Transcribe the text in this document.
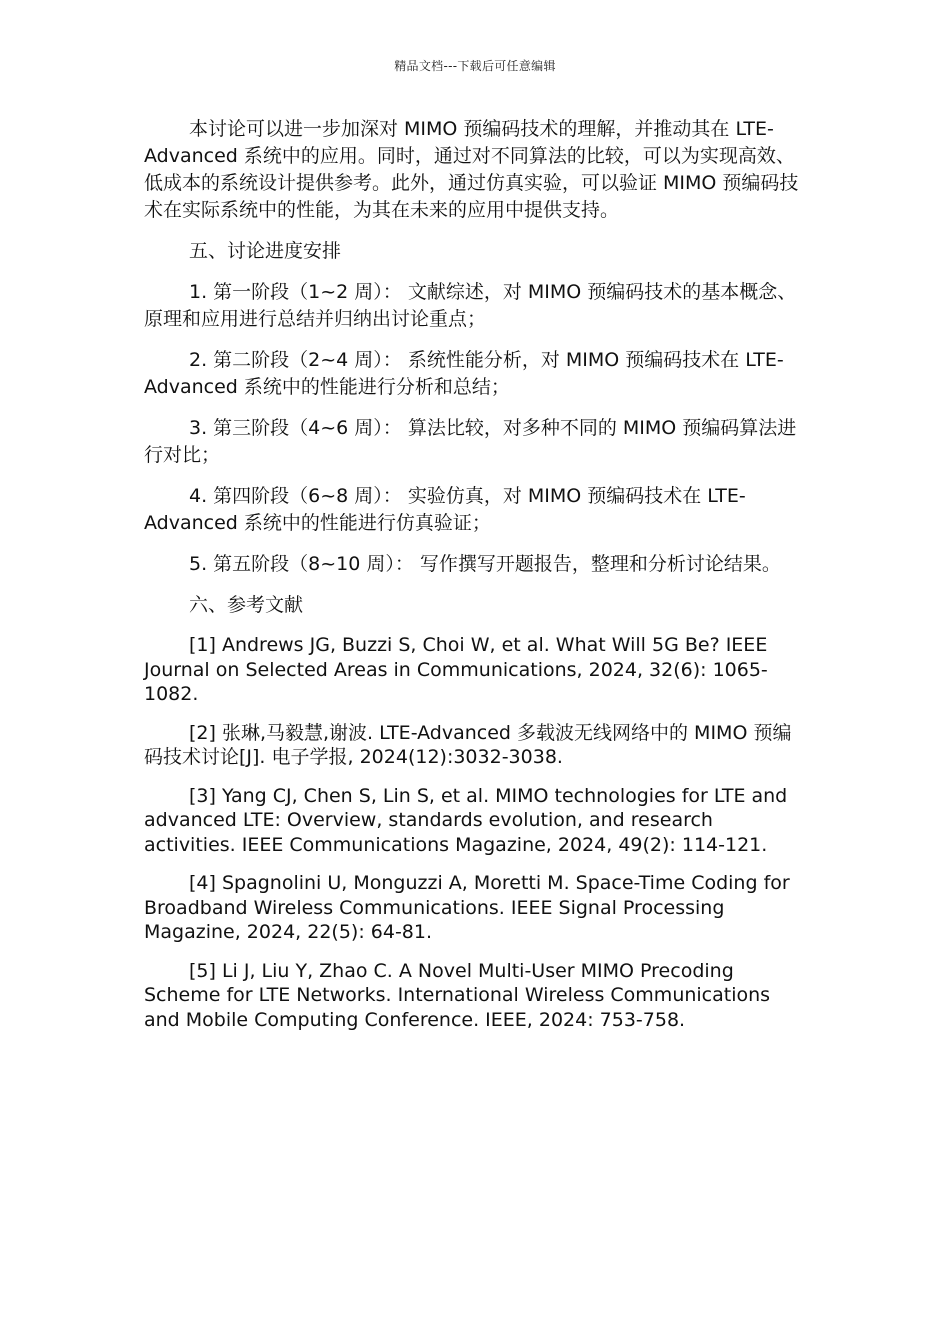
精品文档---下载后可任意编辑

本讨论可以进一步加深对 MIMO 预编码技术的理解，并推动其在 LTE-Advanced 系统中的应用。同时，通过对不同算法的比较，可以为实现高效、低成本的系统设计提供参考。此外，通过仿真实验，可以验证 MIMO 预编码技术在实际系统中的性能，为其在未来的应用中提供支持。

五、讨论进度安排

1. 第一阶段（1~2 周）： 文献综述，对 MIMO 预编码技术的基本概念、原理和应用进行总结并归纳出讨论重点；

2. 第二阶段（2~4 周）： 系统性能分析，对 MIMO 预编码技术在 LTE-Advanced 系统中的性能进行分析和总结；

3. 第三阶段（4~6 周）： 算法比较，对多种不同的 MIMO 预编码算法进行对比；

4. 第四阶段（6~8 周）： 实验仿真，对 MIMO 预编码技术在 LTE-Advanced 系统中的性能进行仿真验证；

5. 第五阶段（8~10 周）： 写作撰写开题报告，整理和分析讨论结果。

六、参考文献

[1] Andrews JG, Buzzi S, Choi W, et al. What Will 5G Be? IEEE Journal on Selected Areas in Communications, 2024, 32(6): 1065-1082.

[2] 张琳,马毅慧,谢波. LTE-Advanced 多载波无线网络中的 MIMO 预编码技术讨论[J]. 电子学报, 2024(12):3032-3038.

[3] Yang CJ, Chen S, Lin S, et al. MIMO technologies for LTE and advanced LTE: Overview, standards evolution, and research activities. IEEE Communications Magazine, 2024, 49(2): 114-121.

[4] Spagnolini U, Monguzzi A, Moretti M. Space-Time Coding for Broadband Wireless Communications. IEEE Signal Processing Magazine, 2024, 22(5): 64-81.

[5] Li J, Liu Y, Zhao C. A Novel Multi-User MIMO Precoding Scheme for LTE Networks. International Wireless Communications and Mobile Computing Conference. IEEE, 2024: 753-758.
